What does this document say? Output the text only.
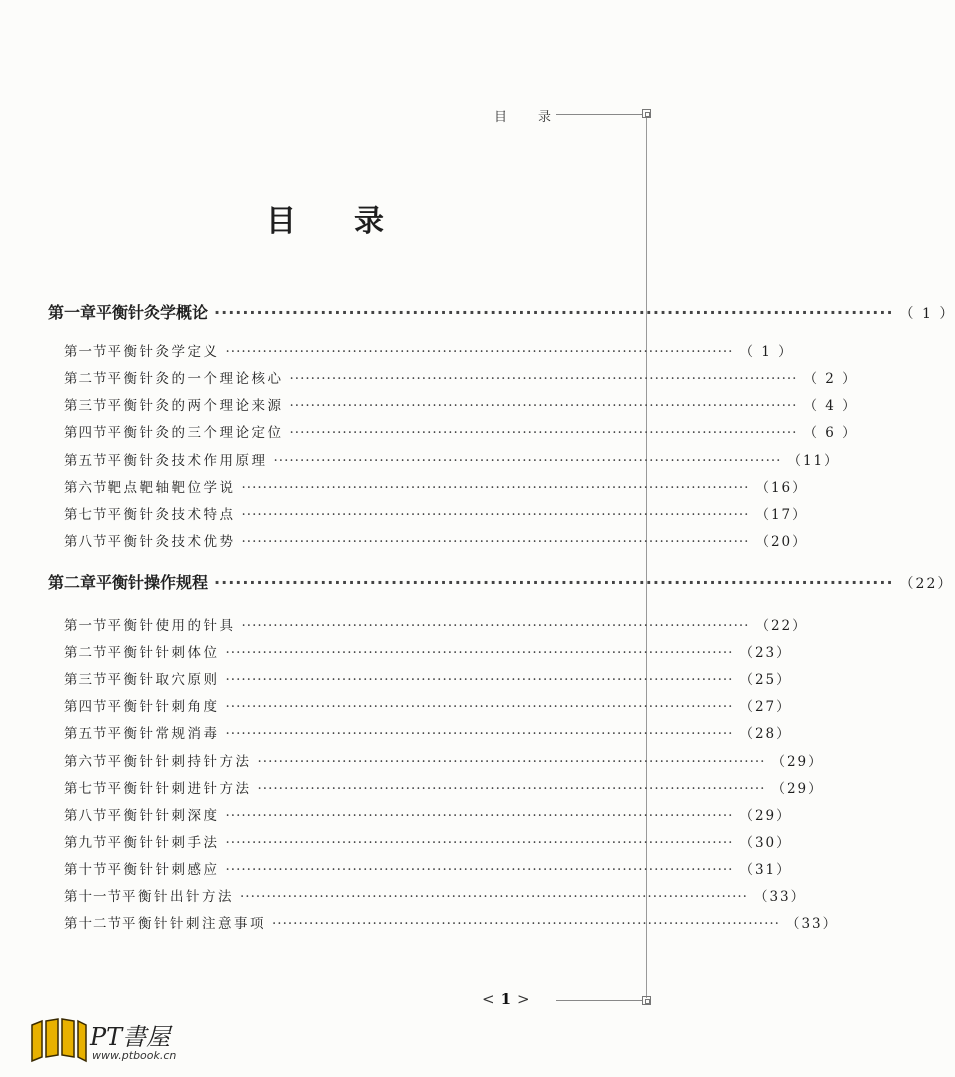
目 录
目 录
第一章 平衡针灸学概论 ································································································ （ 1 ）
第一节 平衡针灸学定义 ································································································ （ 1 ）
第二节 平衡针灸的一个理论核心 ································································································ （ 2 ）
第三节 平衡针灸的两个理论来源 ································································································ （ 4 ）
第四节 平衡针灸的三个理论定位 ································································································ （ 6 ）
第五节 平衡针灸技术作用原理 ································································································ （11）
第六节 靶点靶轴靶位学说 ································································································ （16）
第七节 平衡针灸技术特点 ································································································ （17）
第八节 平衡针灸技术优势 ································································································ （20）
第二章 平衡针操作规程 ································································································ （22）
第一节 平衡针使用的针具 ································································································ （22）
第二节 平衡针针刺体位 ································································································ （23）
第三节 平衡针取穴原则 ································································································ （25）
第四节 平衡针针刺角度 ································································································ （27）
第五节 平衡针常规消毒 ································································································ （28）
第六节 平衡针针刺持针方法 ································································································ （29）
第七节 平衡针针刺进针方法 ································································································ （29）
第八节 平衡针针刺深度 ································································································ （29）
第九节 平衡针针刺手法 ································································································ （30）
第十节 平衡针针刺感应 ································································································ （31）
第十一节 平衡针出针方法 ································································································ （33）
第十二节 平衡针针刺注意事项 ································································································ （33）
<1>
PT書屋
www.ptbook.cn
